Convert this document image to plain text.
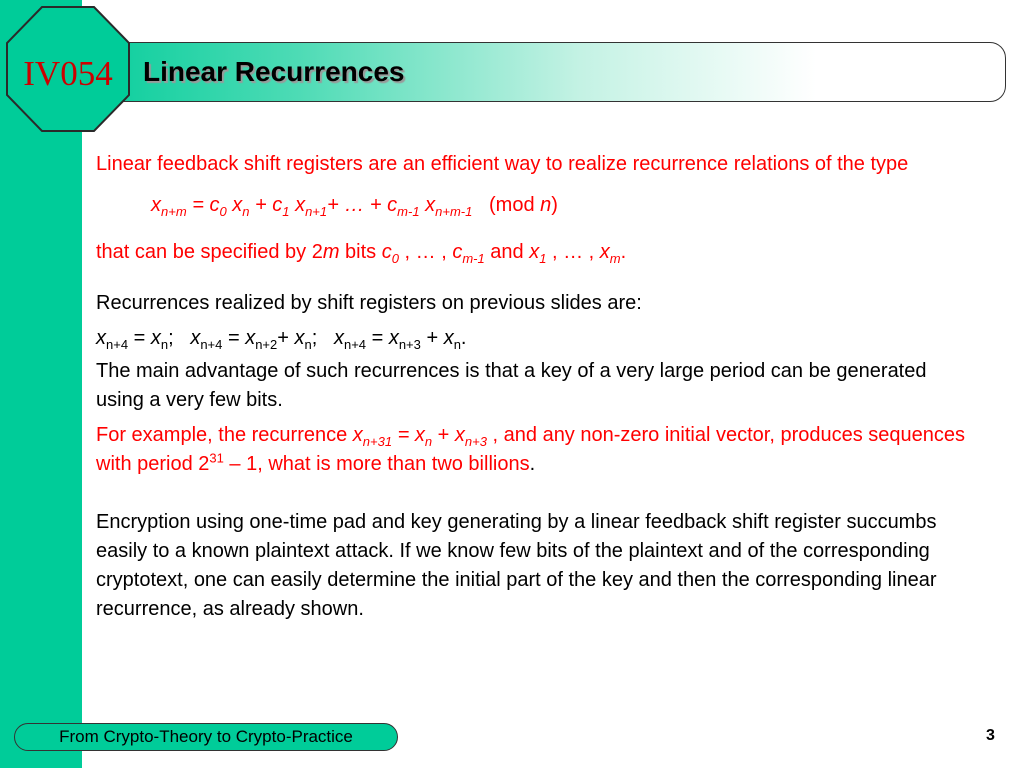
IV054 Linear Recurrences

Linear feedback shift registers are an efficient way to realize recurrence relations of the type

$x_{n+m} = c_0$ $x_n + c_1$ $x_{n+1}+$ … + $c_{m-1}$ $x_{n+m-1}$ (mod n)

that can be specified by 2m bits $c_0$ , … , $c_{m-1}$ and $x_1$ , … , $x_m$.

Recurrences realized by shift registers on previous slides are:

$x_{n+4} = x_n$;   $x_{n+4} = x_{n+2}+ x_n$;   $x_{n+4} = x_{n+3} + x_n$.

The main advantage of such recurrences is that a key of a very large period can be generated using a very few bits.

For example, the recurrence $x_{n+31} = x_n + x_{n+3}$ , and any non-zero initial vector, produces sequences with period $2^{31} - 1$, what is more than two billions.

Encryption using one-time pad and key generating by a linear feedback shift register succumbs easily to a known plaintext attack. If we know few bits of the plaintext and of the corresponding cryptotext, one can easily determine the initial part of the key and then the corresponding linear recurrence, as already shown.

From Crypto-Theory to Crypto-Practice	3
